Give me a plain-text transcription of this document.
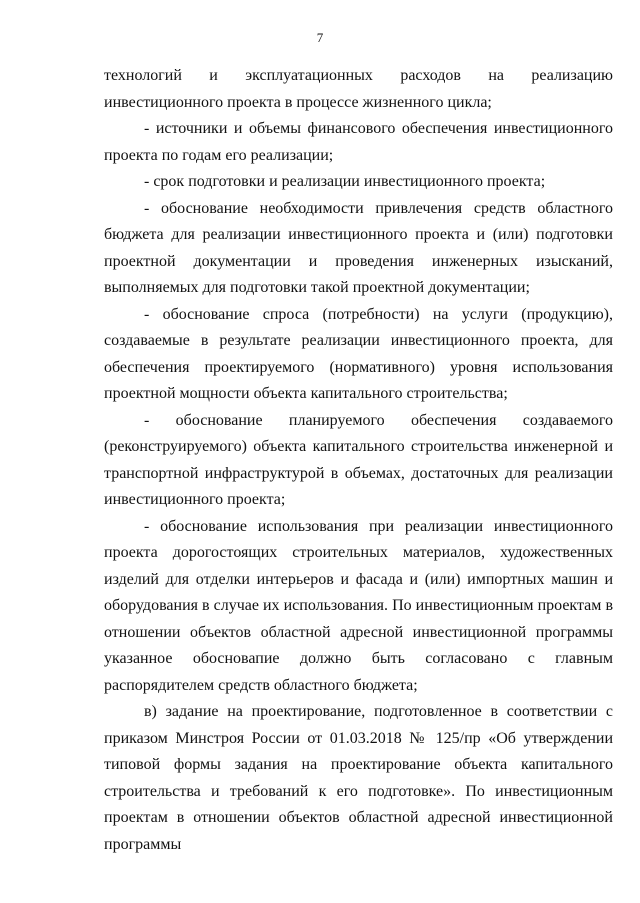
7

технологий и эксплуатационных расходов на реализацию инвестиционного проекта в процессе жизненного цикла;

- источники и объемы финансового обеспечения инвестиционного проекта по годам его реализации;

- срок подготовки и реализации инвестиционного проекта;

- обоснование необходимости привлечения средств областного бюджета для реализации инвестиционного проекта и (или) подготовки проектной документации и проведения инженерных изысканий, выполняемых для подготовки такой проектной документации;

- обоснование спроса (потребности) на услуги (продукцию), создаваемые в результате реализации инвестиционного проекта, для обеспечения проектируемого (нормативного) уровня использования проектной мощности объекта капитального строительства;

- обоснование планируемого обеспечения создаваемого (реконструируемого) объекта капитального строительства инженерной и транспортной инфраструктурой в объемах, достаточных для реализации инвестиционного проекта;

- обоснование использования при реализации инвестиционного проекта дорогостоящих строительных материалов, художественных изделий для отделки интерьеров и фасада и (или) импортных машин и оборудования в случае их использования. По инвестиционным проектам в отношении объектов областной адресной инвестиционной программы указанное обосновапие должно быть согласовано с главным распорядителем средств областного бюджета;

в) задание на проектирование, подготовленное в соответствии с приказом Минстроя России от 01.03.2018 № 125/пр «Об утверждении типовой формы задания на проектирование объекта капитального строительства и требований к его подготовке». По инвестиционным проектам в отношении объектов областной адресной инвестиционной программы
